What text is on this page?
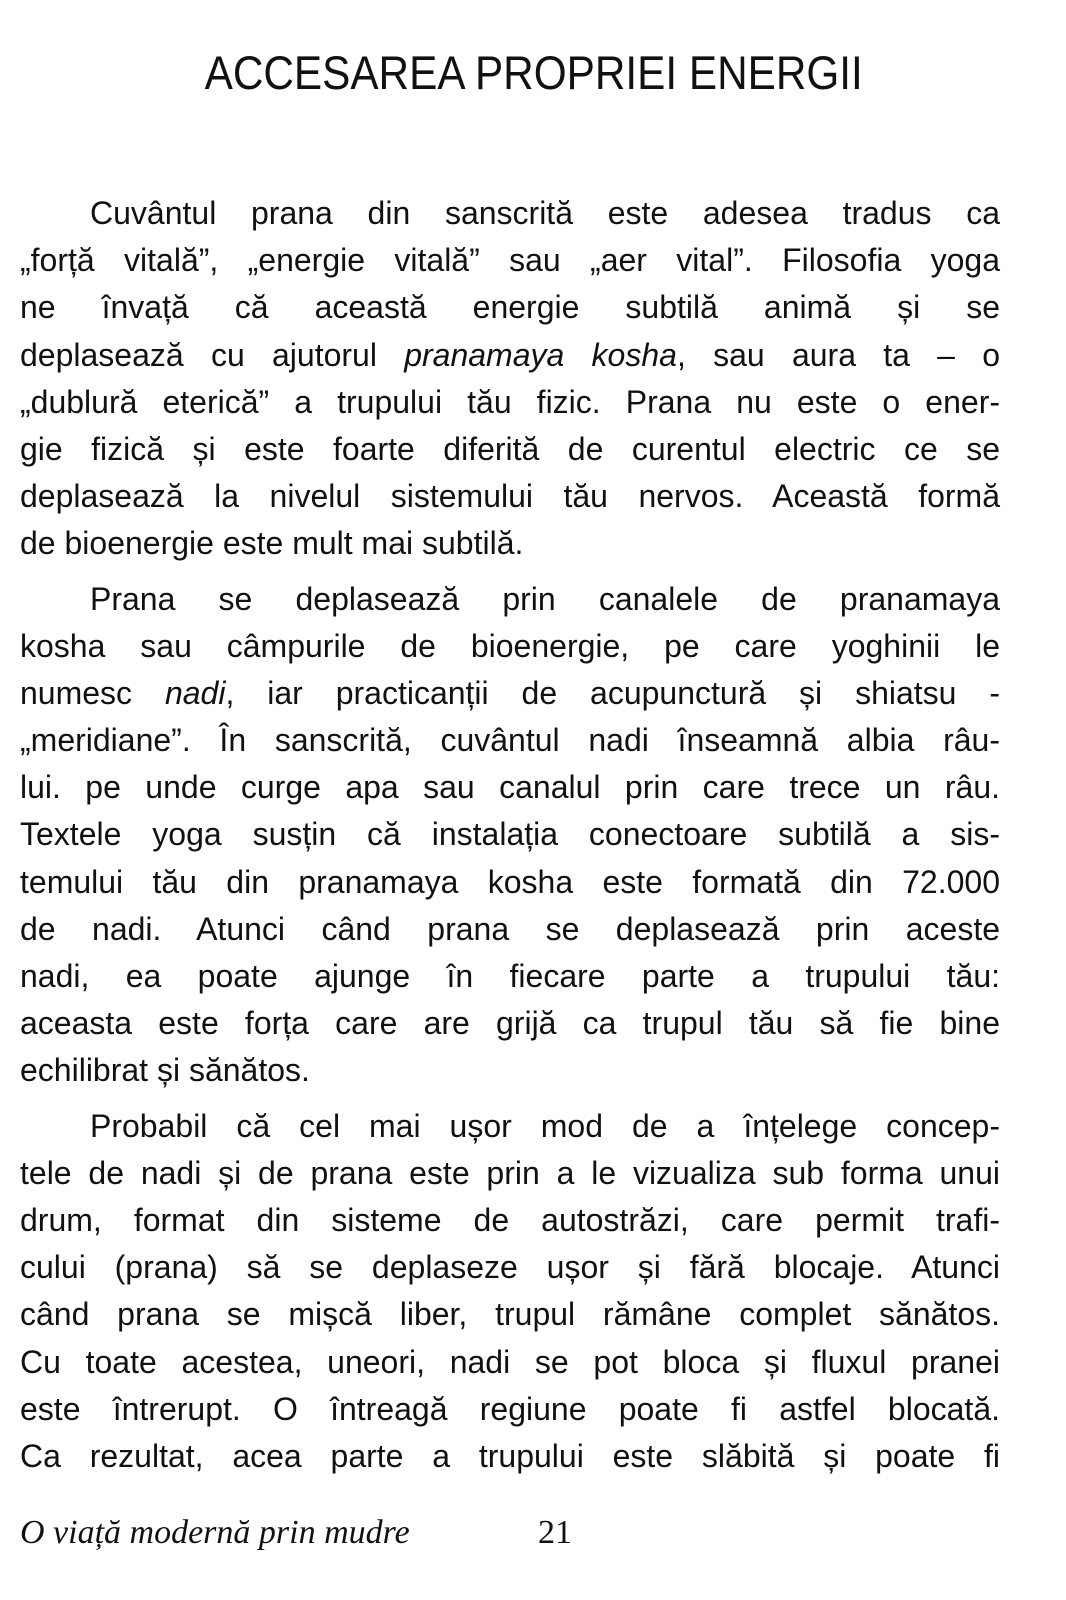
ACCESAREA PROPRIEI ENERGII
Cuvântul prana din sanscrită este adesea tradus ca
„forță vitală”, „energie vitală” sau „aer vital”. Filosofia yoga
ne învață că această energie subtilă animă și se
deplasează cu ajutorul pranamaya kosha, sau aura ta – o
„dublură eterică” a trupului tău fizic. Prana nu este o ener-
gie fizică și este foarte diferită de curentul electric ce se
deplasează la nivelul sistemului tău nervos. Această formă
de bioenergie este mult mai subtilă.
Prana se deplasează prin canalele de pranamaya
kosha sau câmpurile de bioenergie, pe care yoghinii le
numesc nadi, iar practicanții de acupunctură și shiatsu -
„meridiane”. În sanscrită, cuvântul nadi înseamnă albia râu-
lui. pe unde curge apa sau canalul prin care trece un râu.
Textele yoga susțin că instalația conectoare subtilă a sis-
temului tău din pranamaya kosha este formată din 72.000
de nadi. Atunci când prana se deplasează prin aceste
nadi, ea poate ajunge în fiecare parte a trupului tău:
aceasta este forța care are grijă ca trupul tău să fie bine
echilibrat și sănătos.
Probabil că cel mai ușor mod de a înțelege concep-
tele de nadi și de prana este prin a le vizualiza sub forma unui
drum, format din sisteme de autostrăzi, care permit trafi-
cului (prana) să se deplaseze ușor și fără blocaje. Atunci
când prana se mișcă liber, trupul rămâne complet sănătos.
Cu toate acestea, uneori, nadi se pot bloca și fluxul pranei
este întrerupt. O întreagă regiune poate fi astfel blocată.
Ca rezultat, acea parte a trupului este slăbită și poate fi
O viață modernă prin mudre	21
